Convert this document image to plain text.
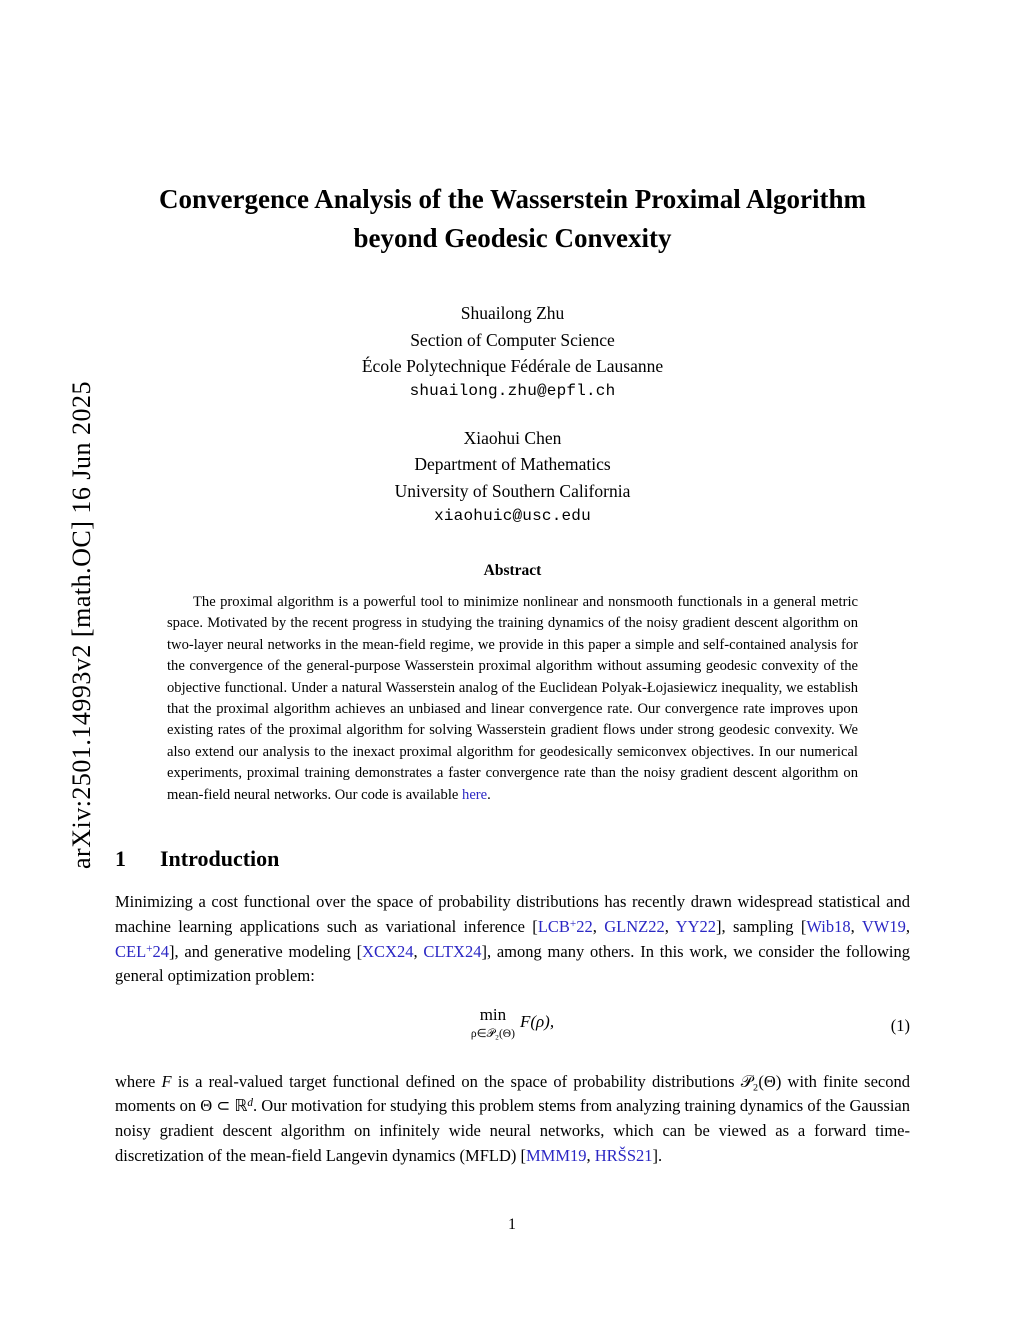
arXiv:2501.14993v2 [math.OC] 16 Jun 2025
Convergence Analysis of the Wasserstein Proximal Algorithm beyond Geodesic Convexity
Shuailong Zhu
Section of Computer Science
École Polytechnique Fédérale de Lausanne
shuailong.zhu@epfl.ch
Xiaohui Chen
Department of Mathematics
University of Southern California
xiaohuic@usc.edu
Abstract
The proximal algorithm is a powerful tool to minimize nonlinear and nonsmooth functionals in a general metric space. Motivated by the recent progress in studying the training dynamics of the noisy gradient descent algorithm on two-layer neural networks in the mean-field regime, we provide in this paper a simple and self-contained analysis for the convergence of the general-purpose Wasserstein proximal algorithm without assuming geodesic convexity of the objective functional. Under a natural Wasserstein analog of the Euclidean Polyak-Łojasiewicz inequality, we establish that the proximal algorithm achieves an unbiased and linear convergence rate. Our convergence rate improves upon existing rates of the proximal algorithm for solving Wasserstein gradient flows under strong geodesic convexity. We also extend our analysis to the inexact proximal algorithm for geodesically semiconvex objectives. In our numerical experiments, proximal training demonstrates a faster convergence rate than the noisy gradient descent algorithm on mean-field neural networks. Our code is available here.
1 Introduction

Minimizing a cost functional over the space of probability distributions has recently drawn widespread statistical and machine learning applications such as variational inference [LCB+22, GLNZ22, YY22], sampling [Wib18, VW19, CEL+24], and generative modeling [XCX24, CLTX24], among many others. In this work, we consider the following general optimization problem:

min
ρ∈𝒫₂(Θ)F(ρ),	(1)

where F is a real-valued target functional defined on the space of probability distributions 𝒫₂(Θ) with finite second moments on Θ ⊂ ℝ$^d$. Our motivation for studying this problem stems from analyzing training dynamics of the Gaussian noisy gradient descent algorithm on infinitely wide neural networks, which can be viewed as a forward time-discretization of the mean-field Langevin dynamics (MFLD) [MMM19, HRŠS21].

1
